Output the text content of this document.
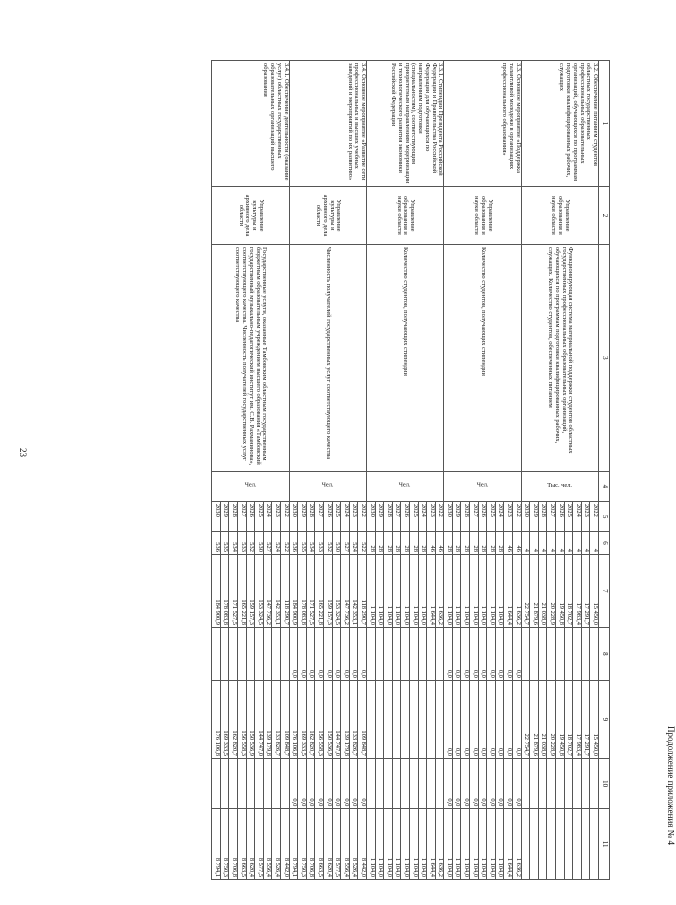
Продолжение приложения № 4
1	2	3	4	5	6	7	8	9	10	11
3.2. Обеспечение питанием студентов областных государственных профессиональных образовательных организаций, обучающихся по программам подготовки квалифицированных рабочих, служащих	Управление образования и науки области	Функционирующая система материальной поддержки студентов областных государственных профессиональных образовательных организаций, обучающихся по программам подготовки квалифицированных рабочих, служащих. Количество студентов, обеспеченных питанием	Тыс. чел.	2022	4	15 450,0		15 450,0		
				2023	4	17 291,7		17 291,7		
				2024	4	17 983,4		17 983,4		
				2025	4	18 702,7		18 702,7		
				2026	4	19 450,8		19 450,8		
				2027	4	20 228,9		20 228,9		
				2028	4	21 038,0		21 038,0		
				2029	4	21 879,6		21 879,6		
				2030	4	22 754,7		22 754,7		
3.3. Основное мероприятие «Поддержка талантливой молодежи в организациях профессионального образования»	Управление образования и науки области	Количество студентов, получающих стипендии	Чел.	2022	46	1 636,2	0,0	0,0	0,0	1 636,2
				2023	46	1 644,4	0,0	0,0	0,0	1 644,4
				2024	28	1 104,0	0,0	0,0	0,0	1 104,0
				2025	28	1 104,0	0,0	0,0	0,0	1 104,0
				2026	28	1 104,0	0,0	0,0	0,0	1 104,0
				2027	28	1 104,0	0,0	0,0	0,0	1 104,0
				2028	28	1 104,0	0,0	0,0	0,0	1 104,0
				2029	28	1 104,0	0,0	0,0	0,0	1 104,0
				2030	28	1 104,0	0,0	0,0	0,0	1 104,0
3.3.1. Стипендии Президента Российской Федерации и Правительства Российской Федерации для обучающихся по направлениям подготовки (специальностям), соответствующим приоритетным направлениям модернизации и технологического развития экономики Российской Федерации	Управление образования и науки области	Количество студентов, получающих стипендии	Чел.	2022	46	1 636,2				1 636,2
				2023	46	1 644,4				1 644,4
				2024	28	1 104,0				1 104,0
				2025	28	1 104,0				1 104,0
				2026	28	1 104,0				1 104,0
				2027	28	1 104,0				1 104,0
				2028	28	1 104,0				1 104,0
				2029	28	1 104,0				1 104,0
				2030	28	1 104,0				1 104,0
3.4. Основное мероприятие «Развитие сети профессиональных и высших учебных заведений и мероприятий по их развитию»	Управление культуры и архивного дела области	Численность получателей государственных услуг соответствующего качества	Чел.	2022	522	118 290,7	0,0	109 848,7	0,0	8 442,0
				2023	524	142 353,1	0,0	133 826,7	0,0	8 526,4
				2024	527	147 736,2	0,0	139 179,8	0,0	8 556,4
				2025	530	153 324,5	0,0	144 747,0	0,0	8 577,5
				2026	532	159 157,3	0,0	150 536,9	0,0	8 620,4
				2027	533	165 221,8	0,0	156 558,3	0,0	8 663,5
				2028	534	171 527,5	0,0	162 820,7	0,0	8 706,8
				2029	535	178 083,8	0,0	169 333,5	0,0	8 750,3
				2030	536	184 900,9	0,0	176 106,8	0,0	8 794,1
3.4.1. Обеспечение деятельности (оказание услуг) областных государственных образовательных организаций высшего образования	Управление культуры и архивного дела области	Государственные услуги, оказанные Тамбовским областным государственным бюджетным образовательным учреждением высшего образования «Тамбовский государственный музыкально-педагогический институт им. С.В. Рахманинова», соответствующего качества. Численность получателей государственных услуг соответствующего качества	Чел.	2022	522	118 290,7		109 848,7		8 442,0
				2023	524	142 353,1		133 826,7		8 526,4
				2024	527	147 736,2		139 179,8		8 556,4
				2025	530	153 324,5		144 747,0		8 577,5
				2026	532	159 157,3		150 536,9		8 620,4
				2027	533	165 221,8		156 558,3		8 663,5
				2028	534	171 527,5		162 820,7		8 706,8
				2029	535	178 083,8		169 333,5		8 750,3
				2030	536	184 900,9		176 106,8		8 794,1
23
